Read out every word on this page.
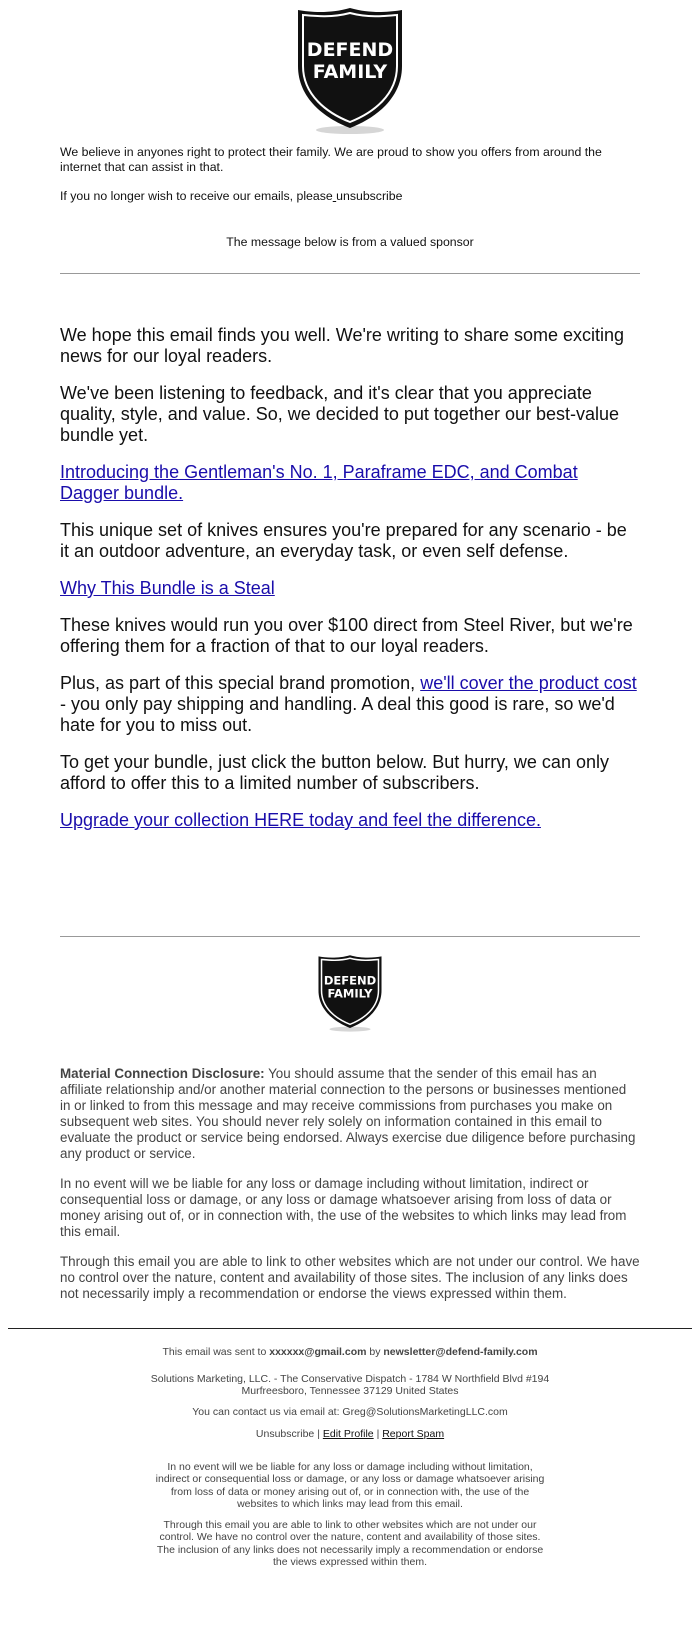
DEFEND
FAMILY
We believe in anyones right to protect their family. We are proud to show you offers from around the internet that can assist in that.
If you no longer wish to receive our emails, please unsubscribe
The message below is from a valued sponsor

We hope this email finds you well. We're writing to share some exciting news for our loyal readers.

We've been listening to feedback, and it's clear that you appreciate quality, style, and value. So, we decided to put together our best-value bundle yet.

Introducing the Gentleman's No. 1, Paraframe EDC, and Combat Dagger bundle.

This unique set of knives ensures you're prepared for any scenario - be it an outdoor adventure, an everyday task, or even self defense.

Why This Bundle is a Steal

These knives would run you over $100 direct from Steel River, but we're offering them for a fraction of that to our loyal readers.

Plus, as part of this special brand promotion, we'll cover the product cost - you only pay shipping and handling. A deal this good is rare, so we'd hate for you to miss out.

To get your bundle, just click the button below. But hurry, we can only afford to offer this to a limited number of subscribers.

Upgrade your collection HERE today and feel the difference.

DEFEND
FAMILY

Material Connection Disclosure: You should assume that the sender of this email has an affiliate relationship and/or another material connection to the persons or businesses mentioned in or linked to from this message and may receive commissions from purchases you make on subsequent web sites. You should never rely solely on information contained in this email to evaluate the product or service being endorsed. Always exercise due diligence before purchasing any product or service.

In no event will we be liable for any loss or damage including without limitation, indirect or consequential loss or damage, or any loss or damage whatsoever arising from loss of data or money arising out of, or in connection with, the use of the websites to which links may lead from this email.

Through this email you are able to link to other websites which are not under our control. We have no control over the nature, content and availability of those sites. The inclusion of any links does not necessarily imply a recommendation or endorse the views expressed within them.

This email was sent to xxxxxx@gmail.com by newsletter@defend-family.com

Solutions Marketing, LLC. - The Conservative Dispatch - 1784 W Northfield Blvd #194

Murfreesboro, Tennessee 37129 United States

You can contact us via email at: Greg@SolutionsMarketingLLC.com

Unsubscribe | Edit Profile | Report Spam

In no event will we be liable for any loss or damage including without limitation, indirect or consequential loss or damage, or any loss or damage whatsoever arising from loss of data or money arising out of, or in connection with, the use of the websites to which links may lead from this email.

Through this email you are able to link to other websites which are not under our control. We have no control over the nature, content and availability of those sites. The inclusion of any links does not necessarily imply a recommendation or endorse the views expressed within them.
